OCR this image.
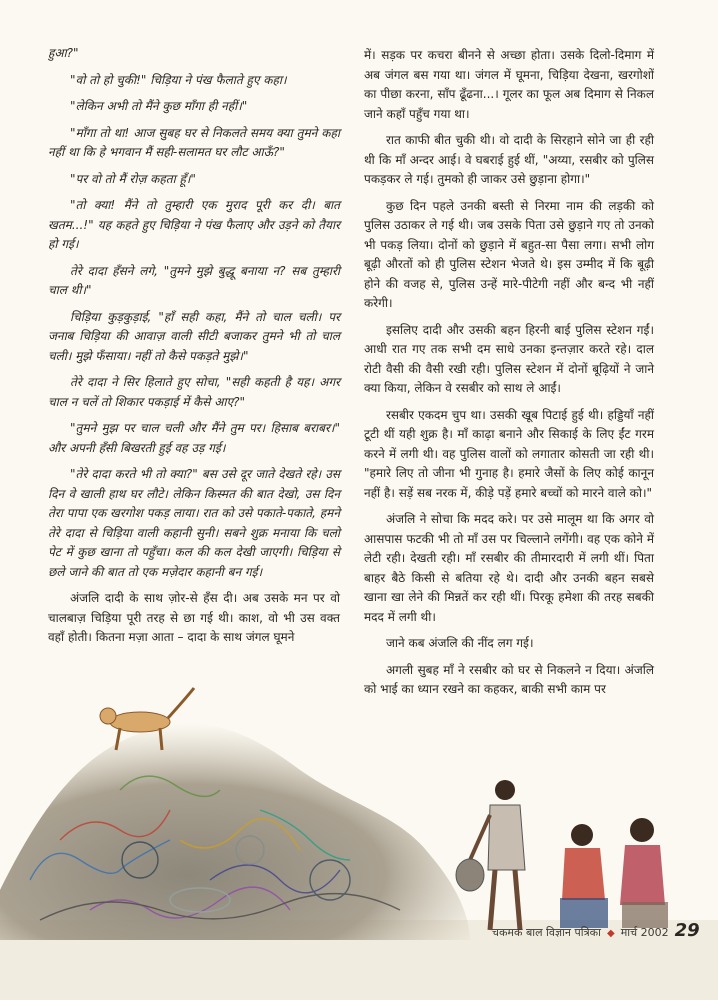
हुआ?"

"वो तो हो चुकी!" चिड़िया ने पंख फैलाते हुए कहा।

"लेकिन अभी तो मैंने कुछ माँगा ही नहीं।"

"माँगा तो था! आज सुबह घर से निकलते समय क्या तुमने कहा नहीं था कि हे भगवान मैं सही-सलामत घर लौट आऊँ?"

"पर वो तो मैं रोज़ कहता हूँ।"

"तो क्या! मैंने तो तुम्हारी एक मुराद पूरी कर दी। बात खतम...!" यह कहते हुए चिड़िया ने पंख फैलाए और उड़ने को तैयार हो गई।

तेरे दादा हँसने लगे, "तुमने मुझे बुद्धू बनाया न? सब तुम्हारी चाल थी।"

चिड़िया कुड़कुड़ाई, "हाँ सही कहा, मैंने तो चाल चली। पर जनाब चिड़िया की आवाज़ वाली सीटी बजाकर तुमने भी तो चाल चली। मुझे फँसाया। नहीं तो कैसे पकड़ते मुझे।"

तेरे दादा ने सिर हिलाते हुए सोचा, "सही कहती है यह। अगर चाल न चलें तो शिकार पकड़ाई में कैसे आए?"

"तुमने मुझ पर चाल चली और मैंने तुम पर। हिसाब बराबर।" और अपनी हँसी बिखरती हुई वह उड़ गई।

"तेरे दादा करते भी तो क्या?" बस उसे दूर जाते देखते रहे। उस दिन वे खाली हाथ घर लौटे। लेकिन किस्मत की बात देखो, उस दिन तेरा पापा एक खरगोश पकड़ लाया। रात को उसे पकाते-पकाते, हमने तेरे दादा से चिड़िया वाली कहानी सुनी। सबने शुक्र मनाया कि चलो पेट में कुछ खाना तो पहुँचा। कल की कल देखी जाएगी। चिड़िया से छले जाने की बात तो एक मज़ेदार कहानी बन गई।

अंजलि दादी के साथ ज़ोर-से हँस दी। अब उसके मन पर वो चालबाज़ चिड़िया पूरी तरह से छा गई थी। काश, वो भी उस वक्त वहाँ होती। कितना मज़ा आता – दादा के साथ जंगल घूमने

में। सड़क पर कचरा बीनने से अच्छा होता। उसके दिलो-दिमाग में अब जंगल बस गया था। जंगल में घूमना, चिड़िया देखना, खरगोशों का पीछा करना, साँप ढूँढना...। गूलर का फूल अब दिमाग से निकल जाने कहाँ पहुँच गया था।

रात काफी बीत चुकी थी। वो दादी के सिरहाने सोने जा ही रही थी कि माँ अन्दर आई। वे घबराई हुई थीं, "अय्या, रसबीर को पुलिस पकड़कर ले गई। तुमको ही जाकर उसे छुड़ाना होगा।"

कुछ दिन पहले उनकी बस्ती से निरमा नाम की लड़की को पुलिस उठाकर ले गई थी। जब उसके पिता उसे छुड़ाने गए तो उनको भी पकड़ लिया। दोनों को छुड़ाने में बहुत-सा पैसा लगा। सभी लोग बूढ़ी औरतों को ही पुलिस स्टेशन भेजते थे। इस उम्मीद में कि बूढ़ी होने की वजह से, पुलिस उन्हें मारे-पीटेगी नहीं और बन्द भी नहीं करेगी।

इसलिए दादी और उसकी बहन हिरनी बाई पुलिस स्टेशन गईं। आधी रात गए तक सभी दम साधे उनका इन्तज़ार करते रहे। दाल रोटी वैसी की वैसी रखी रही। पुलिस स्टेशन में दोनों बूढ़ियों ने जाने क्या किया, लेकिन वे रसबीर को साथ ले आईं।

रसबीर एकदम चुप था। उसकी खूब पिटाई हुई थी। हड्डियाँ नहीं टूटी थीं यही शुक्र है। माँ काढ़ा बनाने और सिकाई के लिए ईंट गरम करने में लगी थी। वह पुलिस वालों को लगातार कोसती जा रही थी। "हमारे लिए तो जीना भी गुनाह है। हमारे जैसों के लिए कोई कानून नहीं है। सड़ें सब नरक में, कीड़े पड़ें हमारे बच्चों को मारने वाले को।"

अंजलि ने सोचा कि मदद करे। पर उसे मालूम था कि अगर वो आसपास फटकी भी तो माँ उस पर चिल्लाने लगेंगी। वह एक कोने में लेटी रही। देखती रही। माँ रसबीर की तीमारदारी में लगी थीं। पिता बाहर बैठे किसी से बतिया रहे थे। दादी और उनकी बहन सबसे खाना खा लेने की मिन्नतें कर रही थीं। पिरकू हमेशा की तरह सबकी मदद में लगी थी।

जाने कब अंजलि की नींद लग गई।

अगली सुबह माँ ने रसबीर को घर से निकलने न दिया। अंजलि को भाई का ध्यान रखने का कहकर, बाकी सभी काम पर

चकमक बाल विज्ञान पत्रिका ◆ मार्च 2002 29
